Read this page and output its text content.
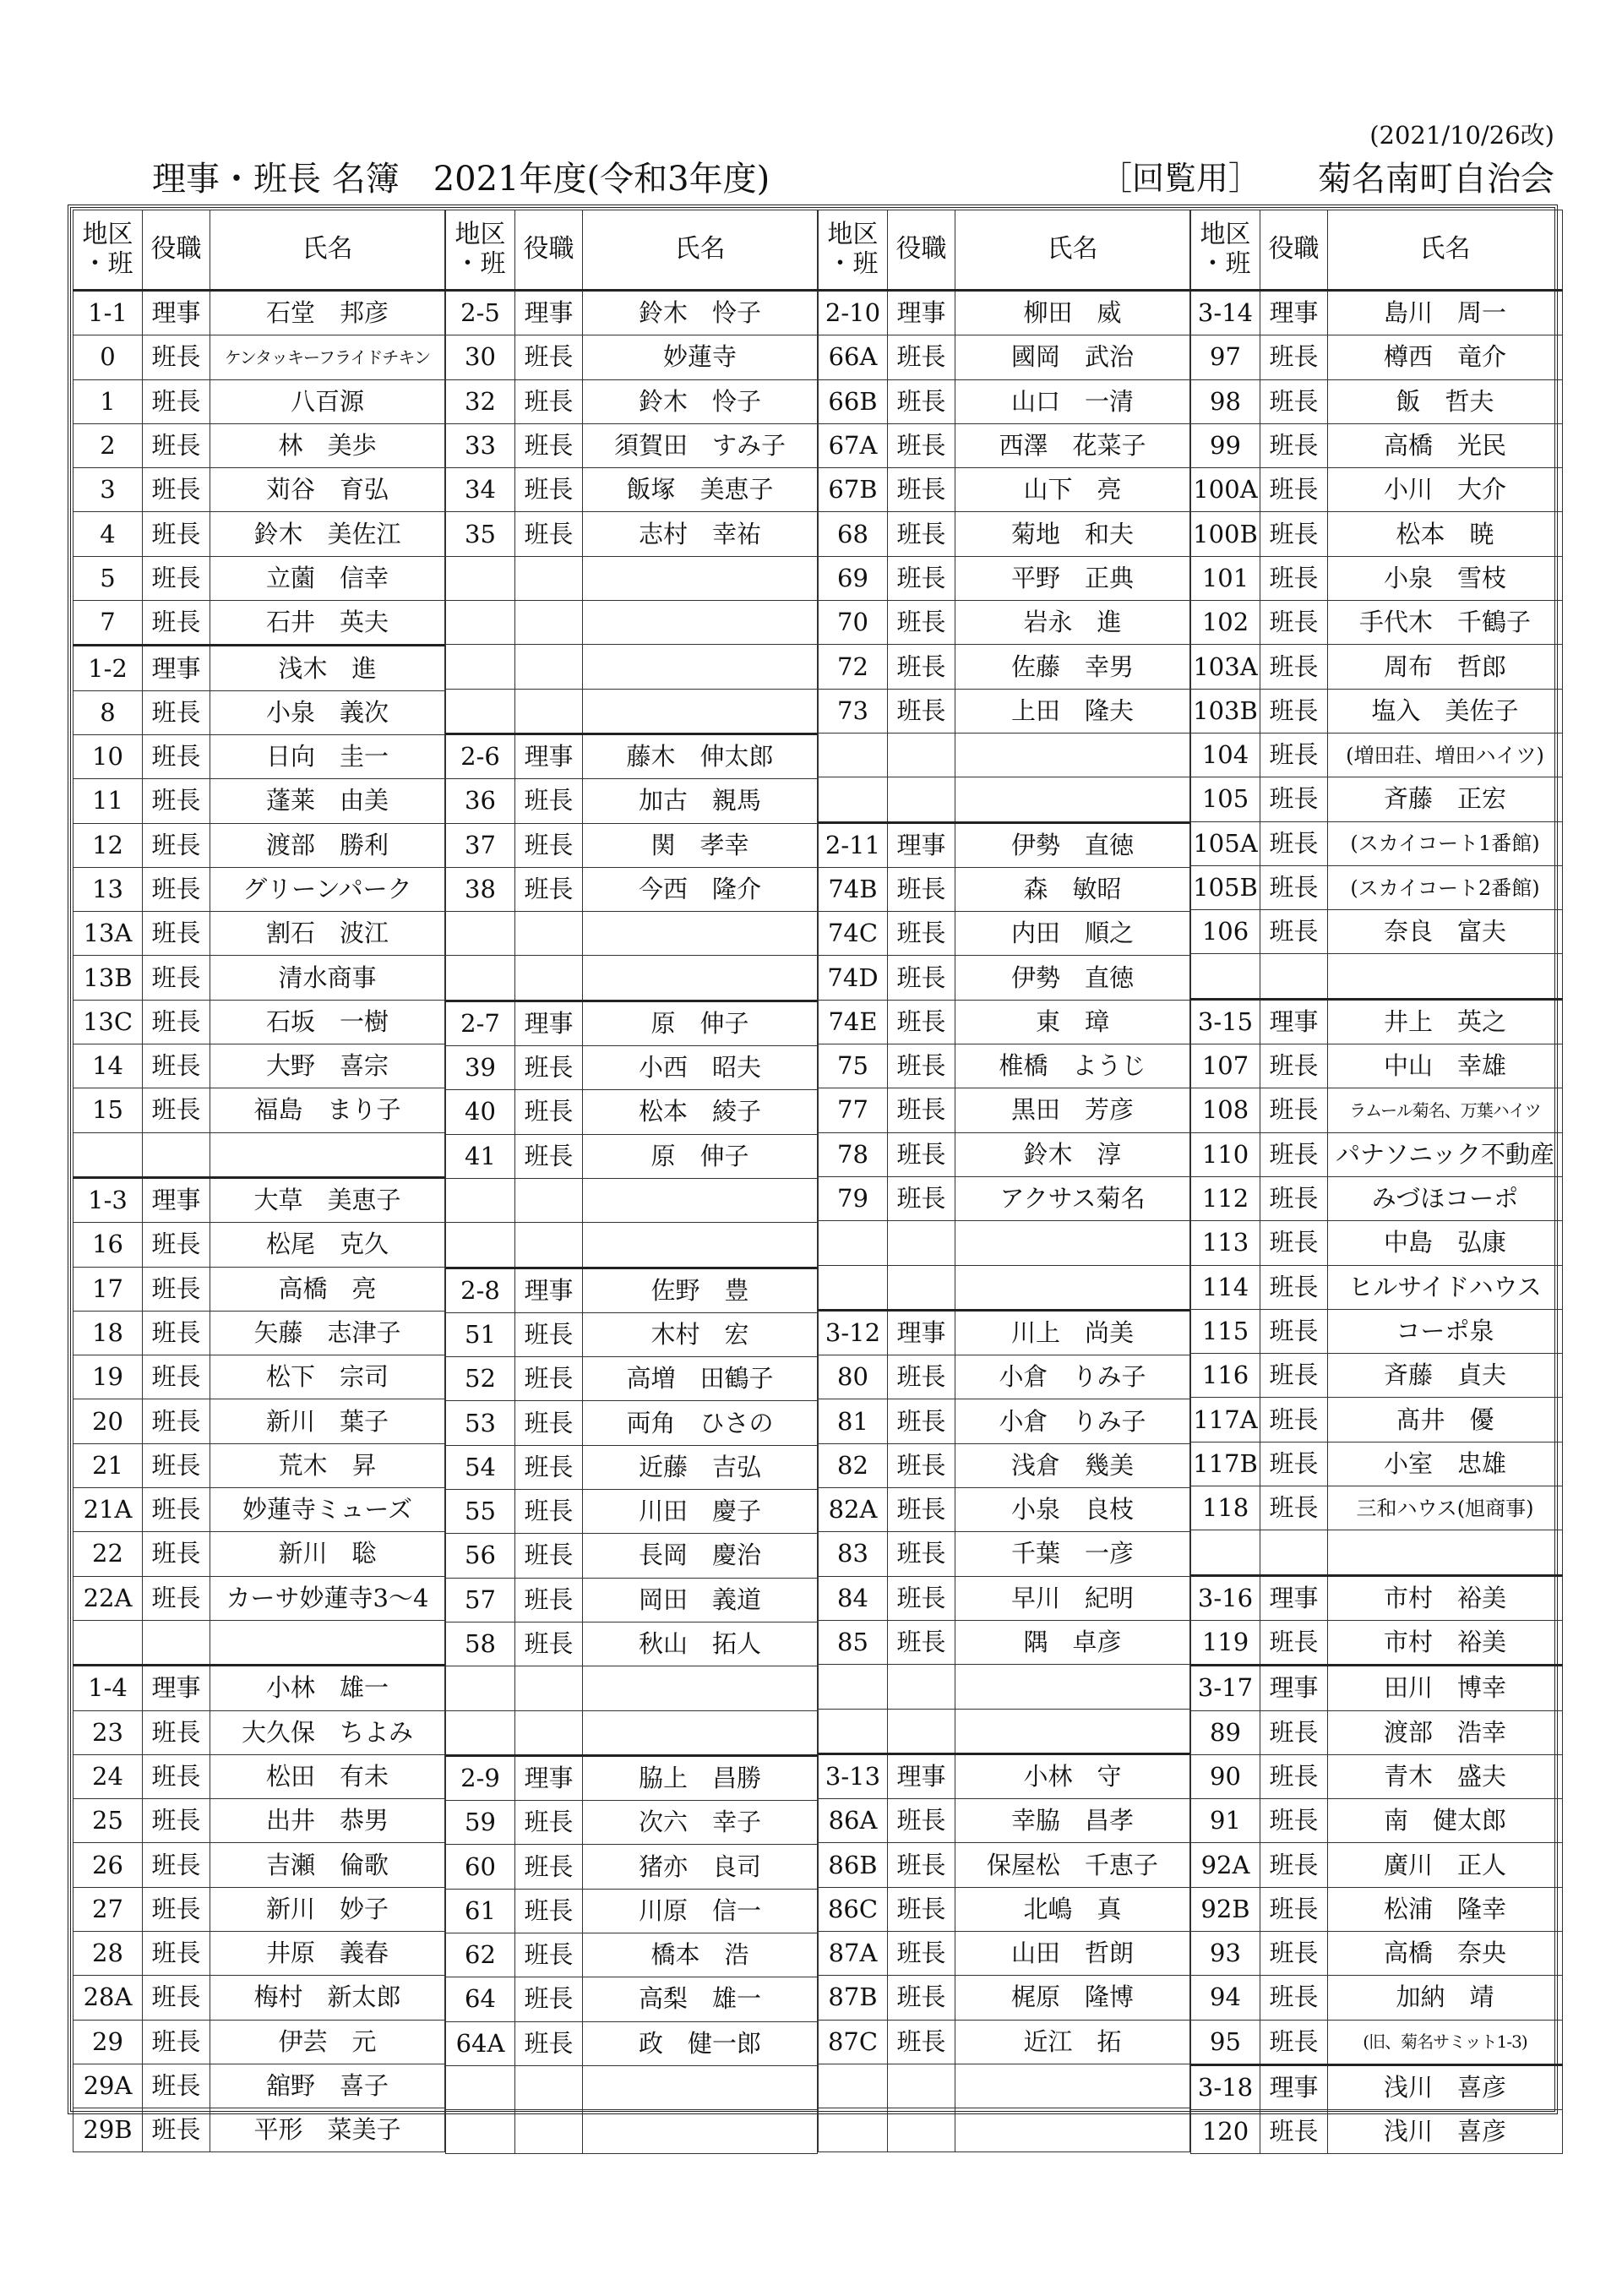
(2021/10/26改)
理事・班長 名簿　2021年度(令和3年度)	［回覧用］ 菊名南町自治会
地区
・班	役職	氏名
1-1	理事	石堂　邦彦
0	班長	ケンタッキーフライドチキン
1	班長	八百源
2	班長	林　美歩
3	班長	苅谷　育弘
4	班長	鈴木　美佐江
5	班長	立薗　信幸
7	班長	石井　英夫
1-2	理事	浅木　進
8	班長	小泉　義次
10	班長	日向　圭一
11	班長	蓬莱　由美
12	班長	渡部　勝利
13	班長	グリーンパーク
13A	班長	割石　波江
13B	班長	清水商事
13C	班長	石坂　一樹
14	班長	大野　喜宗
15	班長	福島　まり子

1-3	理事	大草　美恵子
16	班長	松尾　克久
17	班長	高橋　亮
18	班長	矢藤　志津子
19	班長	松下　宗司
20	班長	新川　葉子
21	班長	荒木　昇
21A	班長	妙蓮寺ミューズ
22	班長	新川　聡
22A	班長	カーサ妙蓮寺3〜4

1-4	理事	小林　雄一
23	班長	大久保　ちよみ
24	班長	松田　有未
25	班長	出井　恭男
26	班長	吉瀬　倫歌
27	班長	新川　妙子
28	班長	井原　義春
28A	班長	梅村　新太郎
29	班長	伊芸　元
29A	班長	舘野　喜子
29B	班長	平形　菜美子
地区
・班	役職	氏名
2-5	理事	鈴木　怜子
30	班長	妙蓮寺
32	班長	鈴木　怜子
33	班長	須賀田　すみ子
34	班長	飯塚　美恵子
35	班長	志村　幸祐

2-6	理事	藤木　伸太郎
36	班長	加古　親馬
37	班長	関　孝幸
38	班長	今西　隆介

2-7	理事	原　伸子
39	班長	小西　昭夫
40	班長	松本　綾子
41	班長	原　伸子

2-8	理事	佐野　豊
51	班長	木村　宏
52	班長	高増　田鶴子
53	班長	両角　ひさの
54	班長	近藤　吉弘
55	班長	川田　慶子
56	班長	長岡　慶治
57	班長	岡田　義道
58	班長	秋山　拓人

2-9	理事	脇上　昌勝
59	班長	次六　幸子
60	班長	猪亦　良司
61	班長	川原　信一
62	班長	橋本　浩
64	班長	高梨　雄一
64A	班長	政　健一郎

地区
・班	役職	氏名
2-10	理事	柳田　威
66A	班長	國岡　武治
66B	班長	山口　一清
67A	班長	西澤　花菜子
67B	班長	山下　亮
68	班長	菊地　和夫
69	班長	平野　正典
70	班長	岩永　進
72	班長	佐藤　幸男
73	班長	上田　隆夫

2-11	理事	伊勢　直徳
74B	班長	森　敏昭
74C	班長	内田　順之
74D	班長	伊勢　直徳
74E	班長	東　璋
75	班長	椎橋　ようじ
77	班長	黒田　芳彦
78	班長	鈴木　淳
79	班長	アクサス菊名

3-12	理事	川上　尚美
80	班長	小倉　りみ子
81	班長	小倉　りみ子
82	班長	浅倉　幾美
82A	班長	小泉　良枝
83	班長	千葉　一彦
84	班長	早川　紀明
85	班長	隅　卓彦

3-13	理事	小林　守
86A	班長	幸脇　昌孝
86B	班長	保屋松　千恵子
86C	班長	北嶋　真
87A	班長	山田　哲朗
87B	班長	梶原　隆博
87C	班長	近江　拓

地区
・班	役職	氏名
3-14	理事	島川　周一
97	班長	樽西　竜介
98	班長	飯　哲夫
99	班長	高橋　光民
100A	班長	小川　大介
100B	班長	松本　暁
101	班長	小泉　雪枝
102	班長	手代木　千鶴子
103A	班長	周布　哲郎
103B	班長	塩入　美佐子
104	班長	(増田荘、増田ハイツ)
105	班長	斉藤　正宏
105A	班長	(スカイコート1番館)
105B	班長	(スカイコート2番館)
106	班長	奈良　富夫

3-15	理事	井上　英之
107	班長	中山　幸雄
108	班長	ラムール菊名、万葉ハイツ
110	班長	パナソニック不動産
112	班長	みづほコーポ
113	班長	中島　弘康
114	班長	ヒルサイドハウス
115	班長	コーポ泉
116	班長	斉藤　貞夫
117A	班長	髙井　優
117B	班長	小室　忠雄
118	班長	三和ハウス(旭商事)

3-16	理事	市村　裕美
119	班長	市村　裕美
3-17	理事	田川　博幸
89	班長	渡部　浩幸
90	班長	青木　盛夫
91	班長	南　健太郎
92A	班長	廣川　正人
92B	班長	松浦　隆幸
93	班長	高橋　奈央
94	班長	加納　靖
95	班長	(旧、菊名サミット1-3)
3-18	理事	浅川　喜彦
120	班長	浅川　喜彦
